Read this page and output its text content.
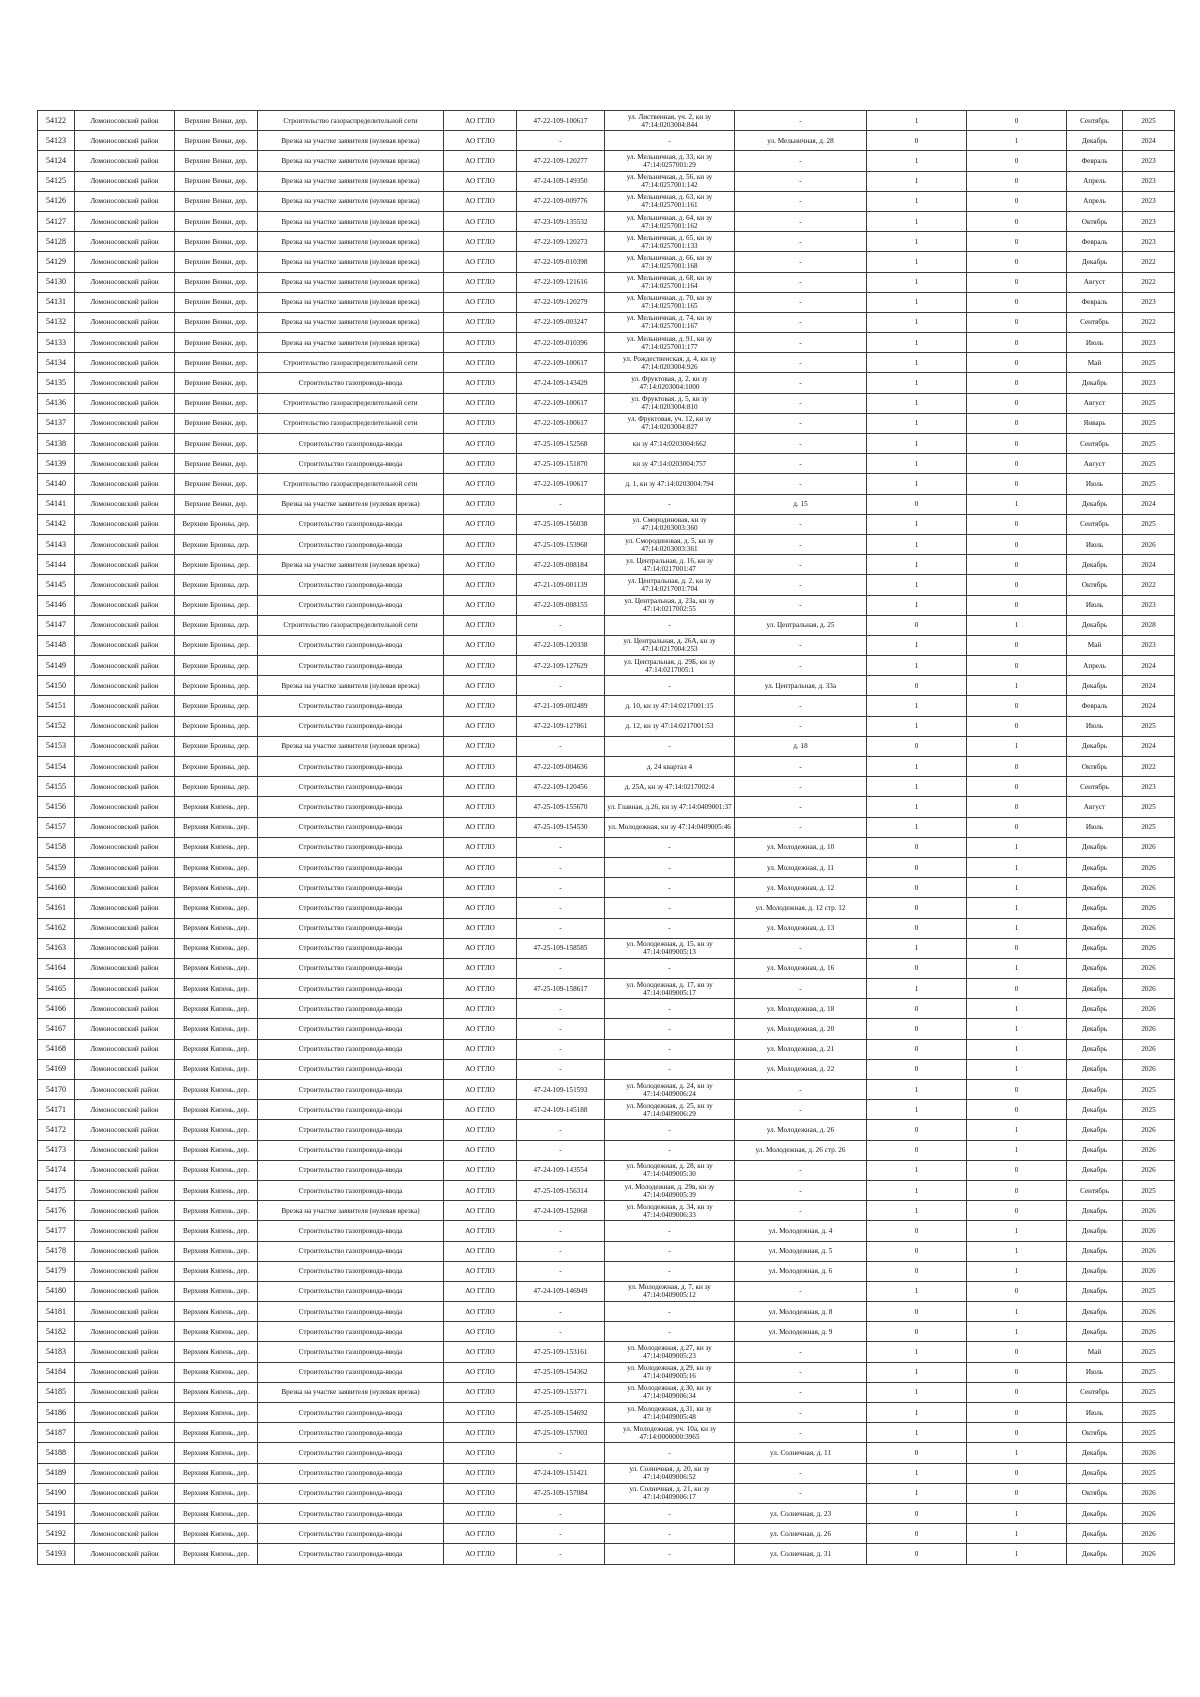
54122	Ломоносовский район	Верхние Венки, дер.	Строительство газораспределительной сети	АО ГГЛО	47-22-109-100617	ул. Лиственная, уч. 2, кн зу 47:14:0203004:844	-	1	0	Сентябрь	2025
54123	Ломоносовский район	Верхние Венки, дер.	Врезка на участке заявителя (нулевая врезка)	АО ГГЛО	-	-	ул. Мельничная, д. 28	0	1	Декабрь	2024
54124	Ломоносовский район	Верхние Венки, дер.	Врезка на участке заявителя (нулевая врезка)	АО ГГЛО	47-22-109-120277	ул. Мельничная, д. 33, кн зу 47:14:0257001:29	-	1	0	Февраль	2023
54125	Ломоносовский район	Верхние Венки, дер.	Врезка на участке заявителя (нулевая врезка)	АО ГГЛО	47-24-109-149350	ул. Мельничная, д. 56, кн зу 47:14:0257001:142	-	1	0	Апрель	2023
54126	Ломоносовский район	Верхние Венки, дер.	Врезка на участке заявителя (нулевая врезка)	АО ГГЛО	47-22-109-009776	ул. Мельничная, д. 63, кн зу 47:14:0257001:161	-	1	0	Апрель	2023
54127	Ломоносовский район	Верхние Венки, дер.	Врезка на участке заявителя (нулевая врезка)	АО ГГЛО	47-23-109-135532	ул. Мельничная, д. 64, кн зу 47:14:0257001:162	-	1	0	Октябрь	2023
54128	Ломоносовский район	Верхние Венки, дер.	Врезка на участке заявителя (нулевая врезка)	АО ГГЛО	47-22-109-120273	ул. Мельничная, д. 65, кн зу 47:14:0257001:133	-	1	0	Февраль	2023
54129	Ломоносовский район	Верхние Венки, дер.	Врезка на участке заявителя (нулевая врезка)	АО ГГЛО	47-22-109-010398	ул. Мельничная, д. 66, кн зу 47:14:0257001:168	-	1	0	Декабрь	2022
54130	Ломоносовский район	Верхние Венки, дер.	Врезка на участке заявителя (нулевая врезка)	АО ГГЛО	47-22-109-121616	ул. Мельничная, д. 68, кн зу 47:14:0257001:164	-	1	0	Август	2022
54131	Ломоносовский район	Верхние Венки, дер.	Врезка на участке заявителя (нулевая врезка)	АО ГГЛО	47-22-109-120279	ул. Мельничная, д. 70, кн зу 47:14:0257001:165	-	1	0	Февраль	2023
54132	Ломоносовский район	Верхние Венки, дер.	Врезка на участке заявителя (нулевая врезка)	АО ГГЛО	47-22-109-003247	ул. Мельничная, д. 74, кн зу 47:14:0257001:167	-	1	0	Сентябрь	2022
54133	Ломоносовский район	Верхние Венки, дер.	Врезка на участке заявителя (нулевая врезка)	АО ГГЛО	47-22-109-010396	ул. Мельничная, д. 91, кн зу 47:14:0257001:177	-	1	0	Июль	2023
54134	Ломоносовский район	Верхние Венки, дер.	Строительство газораспределительной сети	АО ГГЛО	47-22-109-100617	ул. Рождественская, д. 4, кн зу 47:14:0203004:926	-	1	0	Май	2025
54135	Ломоносовский район	Верхние Венки, дер.	Строительство газопровода-ввода	АО ГГЛО	47-24-109-143429	ул. Фруктовая, д. 2, кн зу 47:14:0203004:1000	-	1	0	Декабрь	2023
54136	Ломоносовский район	Верхние Венки, дер.	Строительство газораспределительной сети	АО ГГЛО	47-22-109-100617	ул. Фруктовая, д. 5, кн зу 47:14:0203004:810	-	1	0	Август	2025
54137	Ломоносовский район	Верхние Венки, дер.	Строительство газораспределительной сети	АО ГГЛО	47-22-109-100617	ул. Фруктовая, уч. 12, кн зу 47:14:0203004:827	-	1	0	Январь	2025
54138	Ломоносовский район	Верхние Венки, дер.	Строительство газопровода-ввода	АО ГГЛО	47-25-109-152568	кн зу 47:14:0203004:662	-	1	0	Сентябрь	2025
54139	Ломоносовский район	Верхние Венки, дер.	Строительство газопровода-ввода	АО ГГЛО	47-25-109-151870	кн зу 47:14:0203004:757	-	1	0	Август	2025
54140	Ломоносовский район	Верхние Венки, дер.	Строительство газораспределительной сети	АО ГГЛО	47-22-109-100617	д. 1, кн зу 47:14:0203004:794	-	1	0	Июль	2025
54141	Ломоносовский район	Верхние Венки, дер.	Врезка на участке заявителя (нулевая врезка)	АО ГГЛО	-	-	д. 15	0	1	Декабрь	2024
54142	Ломоносовский район	Верхние Броины, дер.	Строительство газопровода-ввода	АО ГГЛО	47-25-109-156038	ул. Смородиновая, кн зу 47:14:0203003:360	-	1	0	Сентябрь	2025
54143	Ломоносовский район	Верхние Броины, дер.	Строительство газопровода-ввода	АО ГГЛО	47-25-109-153968	ул. Смородиновая, д. 5, кн зу 47:14:0203003:361	-	1	0	Июль	2026
54144	Ломоносовский район	Верхние Броины, дер.	Врезка на участке заявителя (нулевая врезка)	АО ГГЛО	47-22-109-008184	ул. Центральная, д. 16, кн зу 47:14:0217001:47	-	1	0	Декабрь	2024
54145	Ломоносовский район	Верхние Броины, дер.	Строительство газопровода-ввода	АО ГГЛО	47-21-109-001139	ул. Центральная, д. 2, кн зу 47:14:0217001:704	-	1	0	Октябрь	2022
54146	Ломоносовский район	Верхние Броины, дер.	Строительство газопровода-ввода	АО ГГЛО	47-22-109-008155	ул. Центральная, д. 23а, кн зу 47:14:0217002:55	-	1	0	Июль	2023
54147	Ломоносовский район	Верхние Броины, дер.	Строительство газораспределительной сети	АО ГГЛО	-	-	ул. Центральная, д. 25	0	1	Декабрь	2028
54148	Ломоносовский район	Верхние Броины, дер.	Строительство газопровода-ввода	АО ГГЛО	47-22-109-120338	ул. Центральная, д. 26А, кн зу 47:14:0217004:253	-	1	0	Май	2023
54149	Ломоносовский район	Верхние Броины, дер.	Строительство газопровода-ввода	АО ГГЛО	47-22-109-127629	ул. Центральная, д. 29Б, кн зу 47:14:0217005:1	-	1	0	Апрель	2024
54150	Ломоносовский район	Верхние Броины, дер.	Врезка на участке заявителя (нулевая врезка)	АО ГГЛО	-	-	ул. Центральная, д. 33а	0	1	Декабрь	2024
54151	Ломоносовский район	Верхние Броины, дер.	Строительство газопровода-ввода	АО ГГЛО	47-21-109-002489	д. 10, кн зу 47:14:0217001:15	-	1	0	Февраль	2024
54152	Ломоносовский район	Верхние Броины, дер.	Строительство газопровода-ввода	АО ГГЛО	47-22-109-127861	д. 12, кн зу 47:14:0217001:53	-	1	0	Июль	2025
54153	Ломоносовский район	Верхние Броины, дер.	Врезка на участке заявителя (нулевая врезка)	АО ГГЛО	-	-	д. 18	0	1	Декабрь	2024
54154	Ломоносовский район	Верхние Броины, дер.	Строительство газопровода-ввода	АО ГГЛО	47-22-109-004636	д. 24 квартал 4	-	1	0	Октябрь	2022
54155	Ломоносовский район	Верхние Броины, дер.	Строительство газопровода-ввода	АО ГГЛО	47-22-109-120456	д. 25А, кн зу 47:14:0217002:4	-	1	0	Сентябрь	2023
54156	Ломоносовский район	Верхняя Кипень, дер.	Строительство газопровода-ввода	АО ГГЛО	47-25-109-155670	ул. Главная, д.26, кн зу 47:14:0409001:37	-	1	0	Август	2025
54157	Ломоносовский район	Верхняя Кипень, дер.	Строительство газопровода-ввода	АО ГГЛО	47-25-109-154530	ул. Молодежная, кн зу 47:14:0409005:46	-	1	0	Июль	2025
54158	Ломоносовский район	Верхняя Кипень, дер.	Строительство газопровода-ввода	АО ГГЛО	-	-	ул. Молодежная, д. 10	0	1	Декабрь	2026
54159	Ломоносовский район	Верхняя Кипень, дер.	Строительство газопровода-ввода	АО ГГЛО	-	-	ул. Молодежная, д. 11	0	1	Декабрь	2026
54160	Ломоносовский район	Верхняя Кипень, дер.	Строительство газопровода-ввода	АО ГГЛО	-	-	ул. Молодежная, д. 12	0	1	Декабрь	2026
54161	Ломоносовский район	Верхняя Кипень, дер.	Строительство газопровода-ввода	АО ГГЛО	-	-	ул. Молодежная, д. 12 стр. 12	0	1	Декабрь	2026
54162	Ломоносовский район	Верхняя Кипень, дер.	Строительство газопровода-ввода	АО ГГЛО	-	-	ул. Молодежная, д. 13	0	1	Декабрь	2026
54163	Ломоносовский район	Верхняя Кипень, дер.	Строительство газопровода-ввода	АО ГГЛО	47-25-109-158585	ул. Молодежная, д. 15, кн зу 47:14:0409005:13	-	1	0	Декабрь	2026
54164	Ломоносовский район	Верхняя Кипень, дер.	Строительство газопровода-ввода	АО ГГЛО	-	-	ул. Молодежная, д. 16	0	1	Декабрь	2026
54165	Ломоносовский район	Верхняя Кипень, дер.	Строительство газопровода-ввода	АО ГГЛО	47-25-109-158617	ул. Молодежная, д. 17, кн зу 47:14:0409005:17	-	1	0	Декабрь	2026
54166	Ломоносовский район	Верхняя Кипень, дер.	Строительство газопровода-ввода	АО ГГЛО	-	-	ул. Молодежная, д. 18	0	1	Декабрь	2026
54167	Ломоносовский район	Верхняя Кипень, дер.	Строительство газопровода-ввода	АО ГГЛО	-	-	ул. Молодежная, д. 20	0	1	Декабрь	2026
54168	Ломоносовский район	Верхняя Кипень, дер.	Строительство газопровода-ввода	АО ГГЛО	-	-	ул. Молодежная, д. 21	0	1	Декабрь	2026
54169	Ломоносовский район	Верхняя Кипень, дер.	Строительство газопровода-ввода	АО ГГЛО	-	-	ул. Молодежная, д. 22	0	1	Декабрь	2026
54170	Ломоносовский район	Верхняя Кипень, дер.	Строительство газопровода-ввода	АО ГГЛО	47-24-109-151593	ул. Молодежная, д. 24, кн зу 47:14:0409006:24	-	1	0	Декабрь	2025
54171	Ломоносовский район	Верхняя Кипень, дер.	Строительство газопровода-ввода	АО ГГЛО	47-24-109-145188	ул. Молодежная, д. 25, кн зу 47:14:0409006:29	-	1	0	Декабрь	2025
54172	Ломоносовский район	Верхняя Кипень, дер.	Строительство газопровода-ввода	АО ГГЛО	-	-	ул. Молодежная, д. 26	0	1	Декабрь	2026
54173	Ломоносовский район	Верхняя Кипень, дер.	Строительство газопровода-ввода	АО ГГЛО	-	-	ул. Молодежная, д. 26 стр. 26	0	1	Декабрь	2026
54174	Ломоносовский район	Верхняя Кипень, дер.	Строительство газопровода-ввода	АО ГГЛО	47-24-109-143554	ул. Молодежная, д. 28, кн зу 47:14:0409005:30	-	1	0	Декабрь	2026
54175	Ломоносовский район	Верхняя Кипень, дер.	Строительство газопровода-ввода	АО ГГЛО	47-25-109-156314	ул. Молодежная, д. 29в, кн зу 47:14:0409005:39	-	1	0	Сентябрь	2025
54176	Ломоносовский район	Верхняя Кипень, дер.	Врезка на участке заявителя (нулевая врезка)	АО ГГЛО	47-24-109-152068	ул. Молодежная, д. 34, кн зу 47:14:0409006:33	-	1	0	Декабрь	2026
54177	Ломоносовский район	Верхняя Кипень, дер.	Строительство газопровода-ввода	АО ГГЛО	-	-	ул. Молодежная, д. 4	0	1	Декабрь	2026
54178	Ломоносовский район	Верхняя Кипень, дер.	Строительство газопровода-ввода	АО ГГЛО	-	-	ул. Молодежная, д. 5	0	1	Декабрь	2026
54179	Ломоносовский район	Верхняя Кипень, дер.	Строительство газопровода-ввода	АО ГГЛО	-	-	ул. Молодежная, д. 6	0	1	Декабрь	2026
54180	Ломоносовский район	Верхняя Кипень, дер.	Строительство газопровода-ввода	АО ГГЛО	47-24-109-146949	ул. Молодежная, д. 7, кн зу 47:14:0409005:12	-	1	0	Декабрь	2025
54181	Ломоносовский район	Верхняя Кипень, дер.	Строительство газопровода-ввода	АО ГГЛО	-	-	ул. Молодежная, д. 8	0	1	Декабрь	2026
54182	Ломоносовский район	Верхняя Кипень, дер.	Строительство газопровода-ввода	АО ГГЛО	-	-	ул. Молодежная, д. 9	0	1	Декабрь	2026
54183	Ломоносовский район	Верхняя Кипень, дер.	Строительство газопровода-ввода	АО ГГЛО	47-25-109-153161	ул. Молодежная, д.27, кн зу 47:14:0409005:23	-	1	0	Май	2025
54184	Ломоносовский район	Верхняя Кипень, дер.	Строительство газопровода-ввода	АО ГГЛО	47-25-109-154362	ул. Молодежная, д.29, кн зу 47:14:0409005:16	-	1	0	Июль	2025
54185	Ломоносовский район	Верхняя Кипень, дер.	Врезка на участке заявителя (нулевая врезка)	АО ГГЛО	47-25-109-153771	ул. Молодежная, д.30, кн зу 47:14:0409006:34	-	1	0	Сентябрь	2025
54186	Ломоносовский район	Верхняя Кипень, дер.	Строительство газопровода-ввода	АО ГГЛО	47-25-109-154692	ул. Молодежная, д.31, кн зу 47:14:0409005:48	-	1	0	Июль	2025
54187	Ломоносовский район	Верхняя Кипень, дер.	Строительство газопровода-ввода	АО ГГЛО	47-25-109-157003	ул. Молодежная, уч. 10а, кн зу 47:14:0000000:3965	-	1	0	Октябрь	2025
54188	Ломоносовский район	Верхняя Кипень, дер.	Строительство газопровода-ввода	АО ГГЛО	-	-	ул. Солнечная, д. 11	0	1	Декабрь	2026
54189	Ломоносовский район	Верхняя Кипень, дер.	Строительство газопровода-ввода	АО ГГЛО	47-24-109-151421	ул. Солнечная, д. 20, кн зу 47:14:0409006:52	-	1	0	Декабрь	2025
54190	Ломоносовский район	Верхняя Кипень, дер.	Строительство газопровода-ввода	АО ГГЛО	47-25-109-157084	ул. Солнечная, д. 21, кн зу 47:14:0409006:17	-	1	0	Октябрь	2026
54191	Ломоносовский район	Верхняя Кипень, дер.	Строительство газопровода-ввода	АО ГГЛО	-	-	ул. Солнечная, д. 23	0	1	Декабрь	2026
54192	Ломоносовский район	Верхняя Кипень, дер.	Строительство газопровода-ввода	АО ГГЛО	-	-	ул. Солнечная, д. 26	0	1	Декабрь	2026
54193	Ломоносовский район	Верхняя Кипень, дер.	Строительство газопровода-ввода	АО ГГЛО	-	-	ул. Солнечная, д. 31	0	1	Декабрь	2026
